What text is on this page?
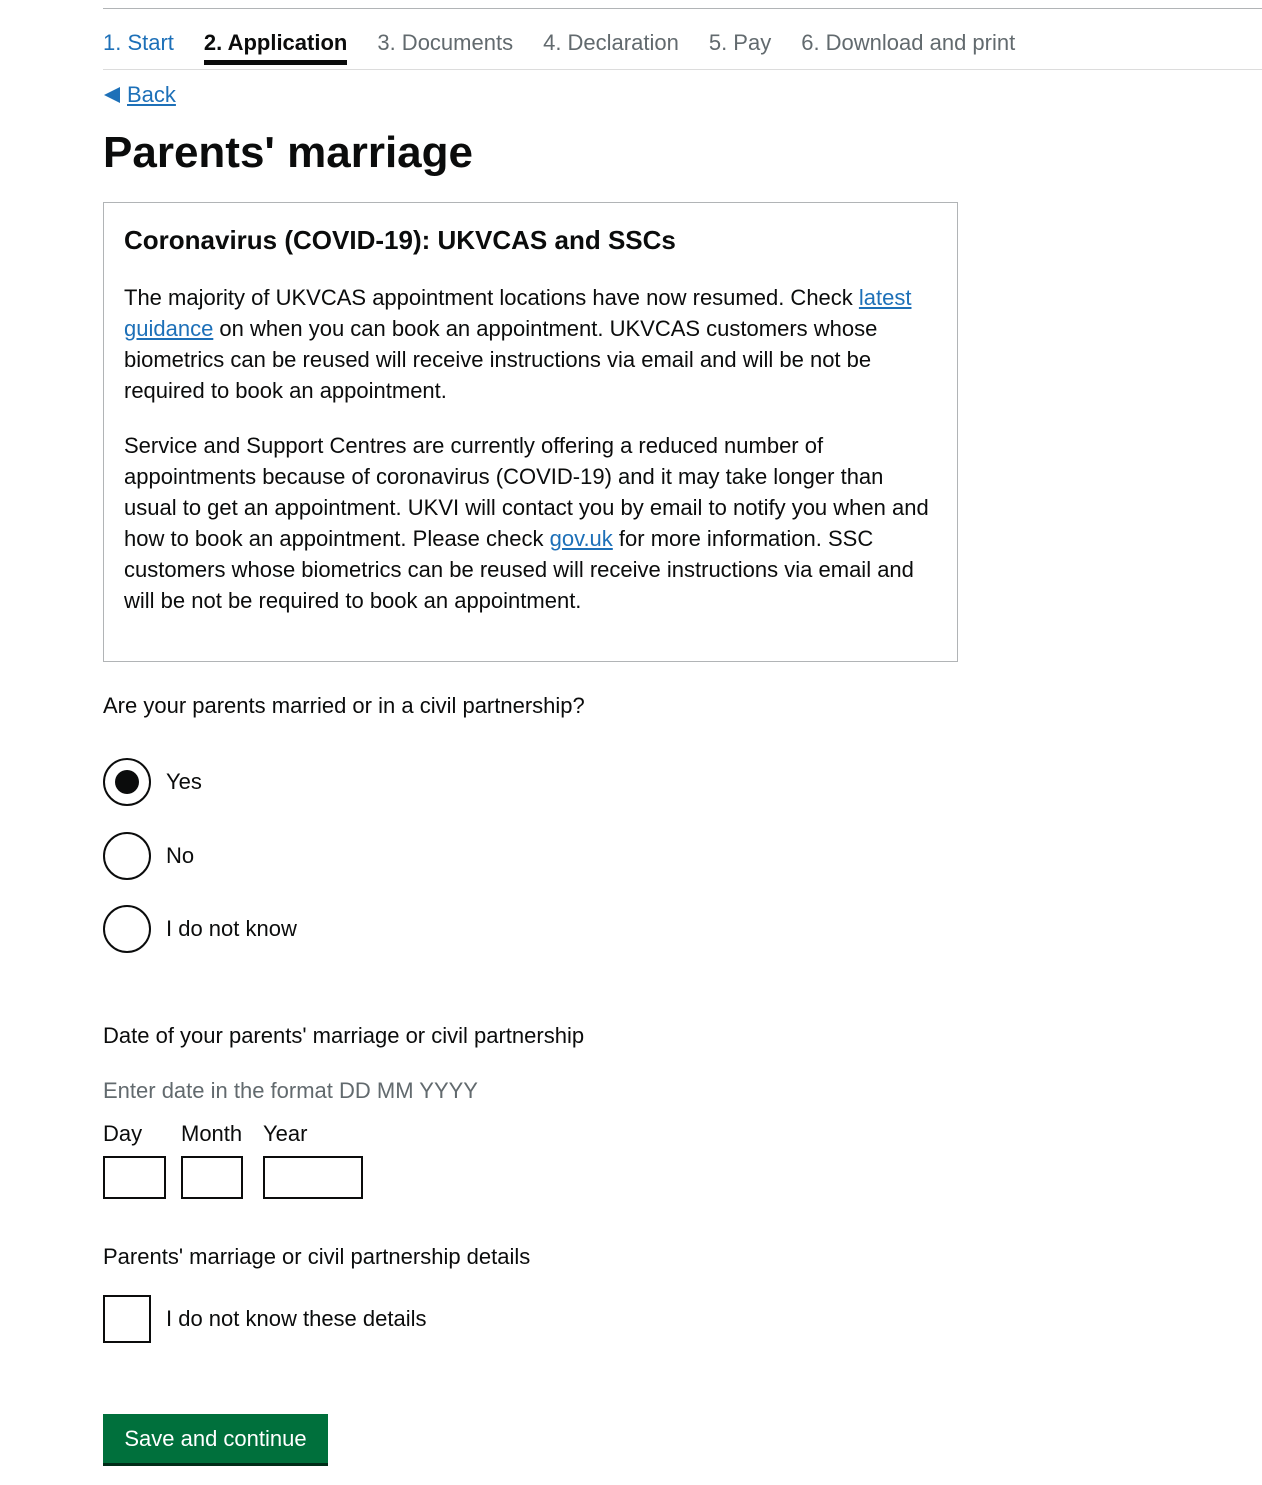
1. Start 2. Application 3. Documents 4. Declaration 5. Pay 6. Download and print
Back
Parents' marriage
Coronavirus (COVID-19): UKVCAS and SSCs

The majority of UKVCAS appointment locations have now resumed. Check latest guidance on when you can book an appointment. UKVCAS customers whose biometrics can be reused will receive instructions via email and will be not be required to book an appointment.

Service and Support Centres are currently offering a reduced number of appointments because of coronavirus (COVID-19) and it may take longer than usual to get an appointment. UKVI will contact you by email to notify you when and how to book an appointment. Please check gov.uk for more information. SSC customers whose biometrics can be reused will receive instructions via email and will be not be required to book an appointment.

Are your parents married or in a civil partnership?
Yes
No
I do not know
Date of your parents' marriage or civil partnership
Enter date in the format DD MM YYYY
Day Month Year
Parents' marriage or civil partnership details
I do not know these details
Save and continue
